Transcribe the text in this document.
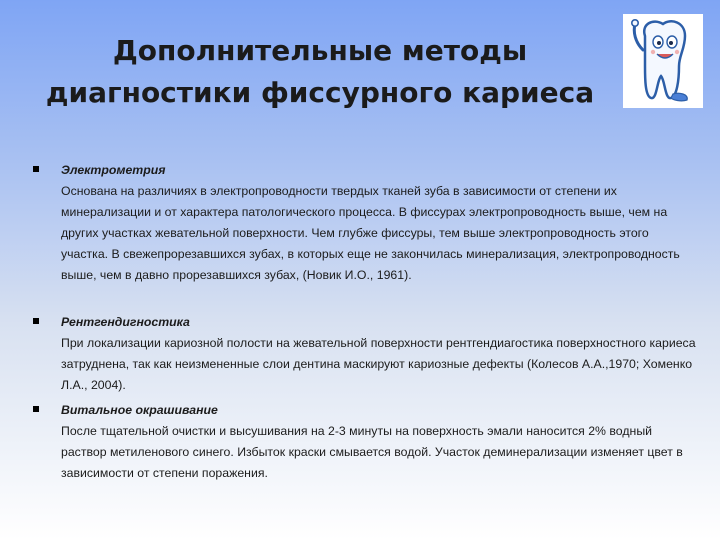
Дополнительные методы
диагностики фиссурного кариеса
Электрометрия
Основана на различиях в электропроводности твердых тканей зуба в зависимости от степени их минерализации и от характера патологического процесса. В фиссурах электропроводность выше, чем на других участках жевательной поверхности. Чем глубже фиссуры, тем выше электропроводность этого участка. В свежепрорезавшихся зубах, в которых еще не закончилась минерализация, электропроводность выше, чем в давно прорезавшихся зубах, (Новик И.О., 1961).
Рентгендигностика
При локализации кариозной полости на жевательной поверхности рентгендиагостика поверхностного кариеса затруднена, так как неизмененные слои дентина маскируют кариозные дефекты (Колесов А.А.,1970; Хоменко Л.А., 2004).
Витальное окрашивание
После тщательной очистки и высушивания на 2-3 минуты на поверхность эмали наносится 2% водный раствор метиленового синего. Избыток краски смывается водой. Участок деминерализации изменяет цвет в зависимости от степени поражения.
